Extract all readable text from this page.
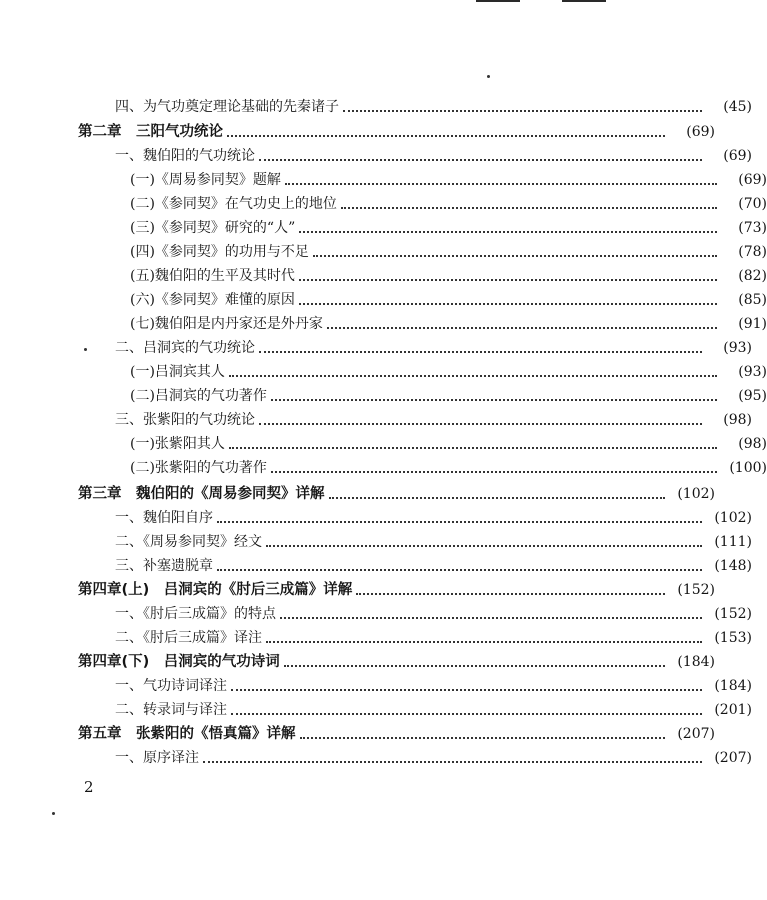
四、为气功奠定理论基础的先秦诸子	(45)
第二章　三阳气功统论	(69)
一、魏伯阳的气功统论	(69)
(一)《周易参同契》题解	(69)
(二)《参同契》在气功史上的地位	(70)
(三)《参同契》研究的“人”	(73)
(四)《参同契》的功用与不足	(78)
(五)魏伯阳的生平及其时代	(82)
(六)《参同契》难懂的原因	(85)
(七)魏伯阳是内丹家还是外丹家	(91)
二、吕洞宾的气功统论	(93)
(一)吕洞宾其人	(93)
(二)吕洞宾的气功著作	(95)
三、张紫阳的气功统论	(98)
(一)张紫阳其人	(98)
(二)张紫阳的气功著作	(100)
第三章　魏伯阳的《周易参同契》详解	(102)
一、魏伯阳自序	(102)
二、《周易参同契》经文	(111)
三、补塞遗脱章	(148)
第四章(上)　吕洞宾的《肘后三成篇》详解	(152)
一、《肘后三成篇》的特点	(152)
二、《肘后三成篇》译注	(153)
第四章(下)　吕洞宾的气功诗词	(184)
一、气功诗词译注	(184)
二、转录词与译注	(201)
第五章　张紫阳的《悟真篇》详解	(207)
一、原序译注	(207)
2
